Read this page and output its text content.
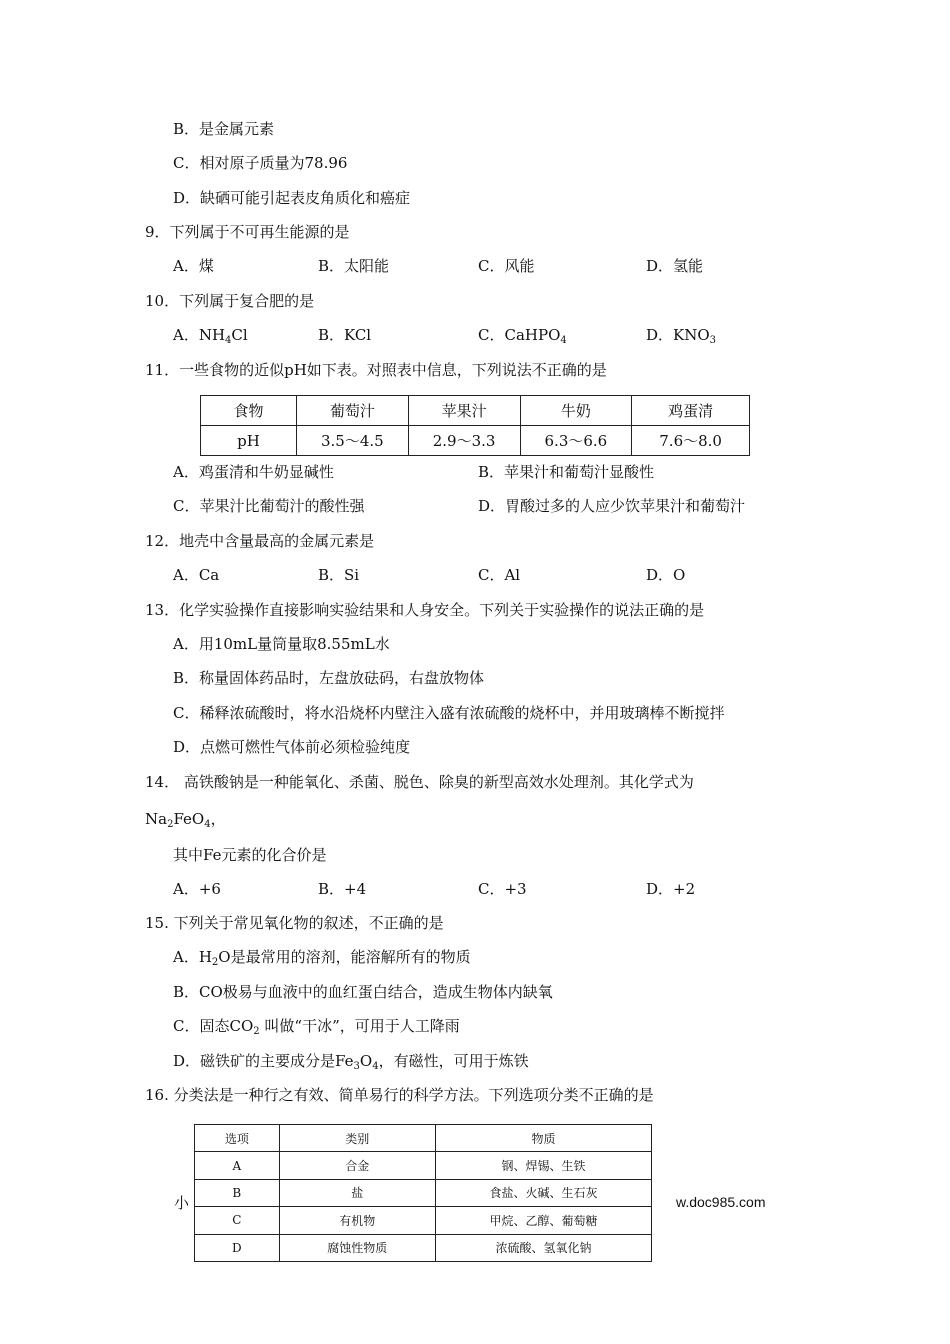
B．是金属元素
C．相对原子质量为78.96
D．缺硒可能引起表皮角质化和癌症
9．下列属于不可再生能源的是
A．煤	B．太阳能	C．风能	D．氢能
10．下列属于复合肥的是
A．$NH_4Cl$	B．KCl	C．CaHPO$_4$	D．$KNO_3$
11．一些食物的近似pH如下表。对照表中信息，下列说法不正确的是
食物	葡萄汁	苹果汁	牛奶	鸡蛋清
pH	3.5～4.5	2.9～3.3	6.3～6.6	7.6～8.0
A．鸡蛋清和牛奶显碱性	B．苹果汁和葡萄汁显酸性
C．苹果汁比葡萄汁的酸性强	D．胃酸过多的人应少饮苹果汁和葡萄汁
12．地壳中含量最高的金属元素是
A．Ca	B．Si	C．Al	D．O
13．化学实验操作直接影响实验结果和人身安全。下列关于实验操作的说法正确的是
A．用10mL量筒量取8.55mL水
B．称量固体药品时，左盘放砝码，右盘放物体
C．稀释浓硫酸时，将水沿烧杯内壁注入盛有浓硫酸的烧杯中，并用玻璃棒不断搅拌
D．点燃可燃性气体前必须检验纯度
14． 高铁酸钠是一种能氧化、杀菌、脱色、除臭的新型高效水处理剂。其化学式为
$Na_2FeO_4$，
其中Fe元素的化合价是
A．+6	B．+4	C．+3	D．+2
15. 下列关于常见氧化物的叙述，不正确的是
A．$H_2O$是最常用的溶剂，能溶解所有的物质
B．CO极易与血液中的血红蛋白结合，造成生物体内缺氧
C．固态$CO_2$ 叫做“干冰”，可用于人工降雨
D．磁铁矿的主要成分是$Fe_3O_4$，有磁性，可用于炼铁
16. 分类法是一种行之有效、简单易行的科学方法。下列选项分类不正确的是
选项	类别	物质
A	合金	钢、焊锡、生铁
B	盐	食盐、火碱、生石灰
C	有机物	甲烷、乙醇、葡萄糖
D	腐蚀性物质	浓硫酸、氢氧化钠
小	w.doc985.com
